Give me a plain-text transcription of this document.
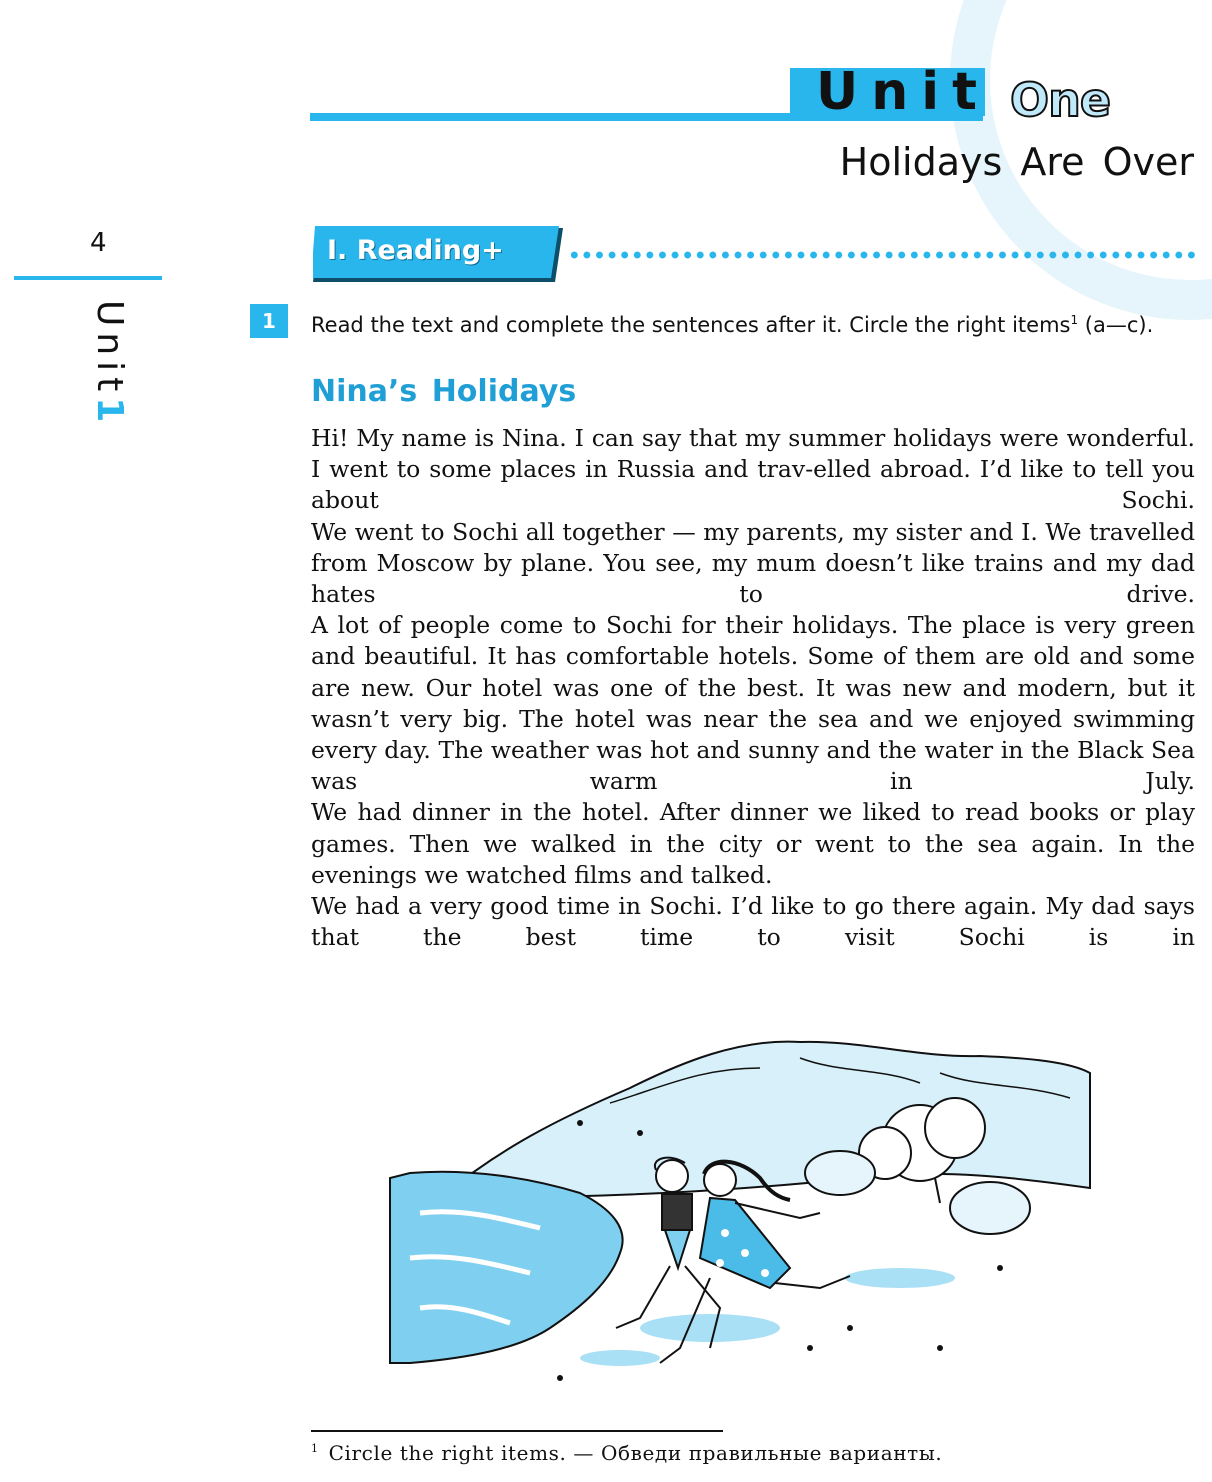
Unit One
Holidays Are Over
4
Unit1
I. Reading+
1	Read the text and complete the sentences after it. Circle the right items$^1$ (a—c).
Nina’s Holidays

Hi! My name is Nina. I can say that my summer holidays were wonderful. I went to some places in Russia and trav-elled abroad. I’d like to tell you about Sochi.

We went to Sochi all together — my parents, my sister and I. We travelled from Moscow by plane. You see, my mum doesn’t like trains and my dad hates to drive.

A lot of people come to Sochi for their holidays. The place is very green and beautiful. It has comfortable hotels. Some of them are old and some are new. Our hotel was one of the best. It was new and modern, but it wasn’t very big. The hotel was near the sea and we enjoyed swimming every day. The weather was hot and sunny and the water in the Black Sea was warm in July.

We had dinner in the hotel. After dinner we liked to read books or play games. Then we walked in the city or went to the sea again. In the evenings we watched films and talked.

We had a very good time in Sochi. I’d like to go there again. My dad says that the best time to visit Sochi is in

$^1$ Circle the right items. — Обведи правильные варианты.
